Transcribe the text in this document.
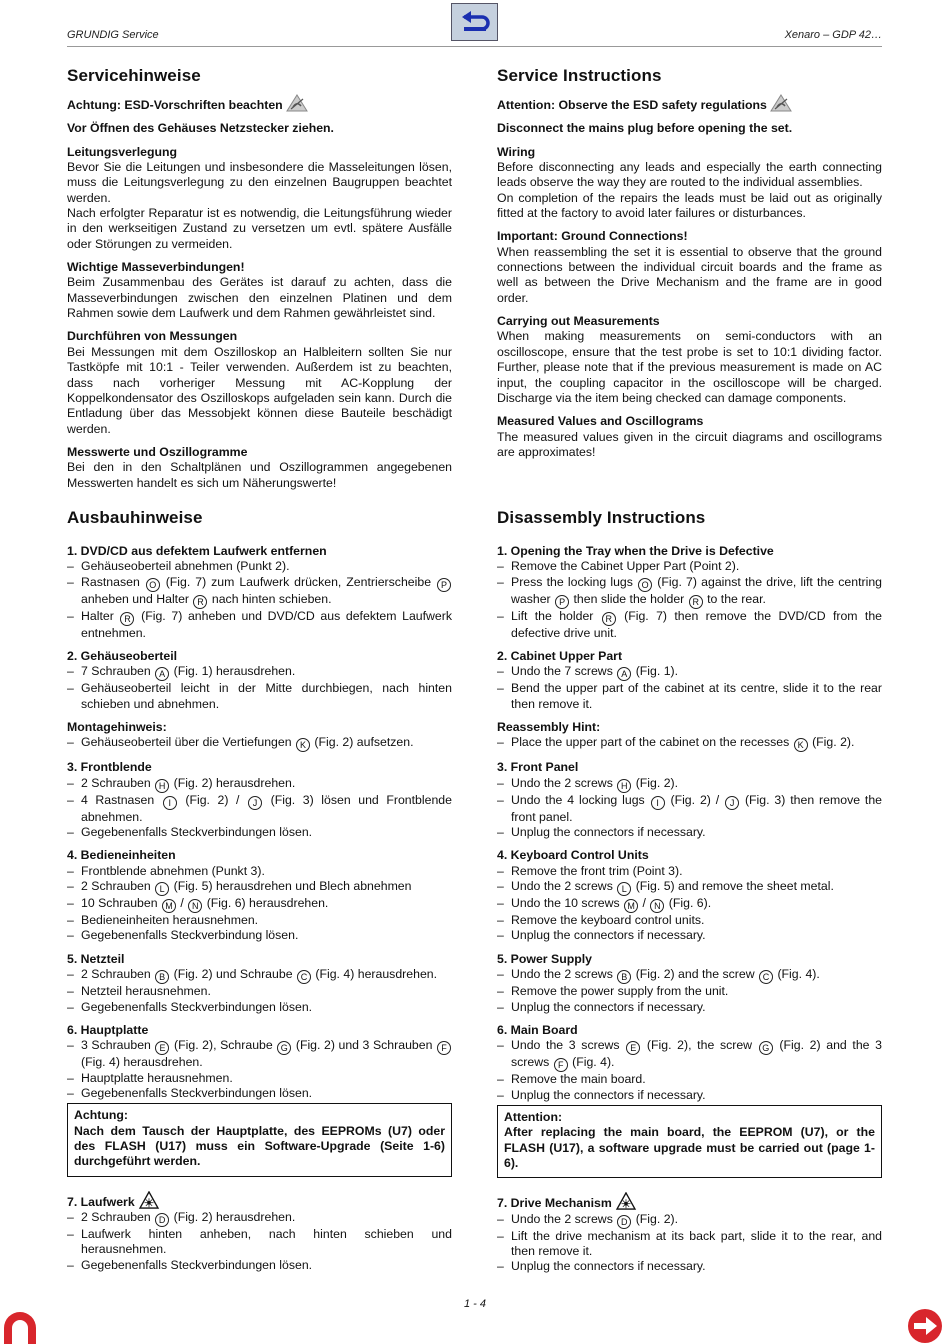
GRUNDIG Service	Xenaro – GDP 42…
Servicehinweise
Achtung: ESD-Vorschriften beachten
Vor Öffnen des Gehäuses Netzstecker ziehen.
Leitungsverlegung
Bevor Sie die Leitungen und insbesondere die Masseleitungen lösen, muss die Leitungsverlegung zu den einzelnen Baugruppen beachtet werden.
Nach erfolgter Reparatur ist es notwendig, die Leitungsführung wieder in den werkseitigen Zustand zu versetzen um evtl. spätere Ausfälle oder Störungen zu vermeiden.
Wichtige Masseverbindungen!
Beim Zusammenbau des Gerätes ist darauf zu achten, dass die Masseverbindungen zwischen den einzelnen Platinen und dem Rahmen sowie dem Laufwerk und dem Rahmen gewährleistet sind.
Durchführen von Messungen
Bei Messungen mit dem Oszilloskop an Halbleitern sollten Sie nur Tastköpfe mit 10:1 - Teiler verwenden. Außerdem ist zu beachten, dass nach vorheriger Messung mit AC-Kopplung der Koppelkondensator des Oszilloskops aufgeladen sein kann. Durch die Entladung über das Messobjekt können diese Bauteile beschädigt werden.
Messwerte und Oszillogramme
Bei den in den Schaltplänen und Oszillogrammen angegebenen Messwerten handelt es sich um Näherungswerte!
Service Instructions
Attention: Observe the ESD safety regulations
Disconnect the mains plug before opening the set.
Wiring
Before disconnecting any leads and especially the earth connecting leads observe the way they are routed to the individual assemblies.
On completion of the repairs the leads must be laid out as originally fitted at the factory to avoid later failures or disturbances.
Important: Ground Connections!
When reassembling the set it is essential to observe that the ground connections between the individual circuit boards and the frame as well as between the Drive Mechanism and the frame are in good order.
Carrying out Measurements
When making measurements on semi-conductors with an oscilloscope, ensure that the test probe is set to 10:1 dividing factor. Further, please note that if the previous measurement is made on AC input, the coupling capacitor in the oscilloscope will be charged. Discharge via the item being checked can damage components.
Measured Values and Oscillograms
The measured values given in the circuit diagrams and oscillograms are approximates!
Ausbauhinweise
1. DVD/CD aus defektem Laufwerk entfernen
– Gehäuseoberteil abnehmen (Punkt 2).
– Rastnasen O (Fig. 7) zum Laufwerk drücken, Zentrierscheibe P anheben und Halter R nach hinten schieben.
– Halter R (Fig. 7) anheben und DVD/CD aus defektem Laufwerk entnehmen.
2. Gehäuseoberteil
– 7 Schrauben A (Fig. 1) herausdrehen.
– Gehäuseoberteil leicht in der Mitte durchbiegen, nach hinten schieben und abnehmen.
Montagehinweis:
– Gehäuseoberteil über die Vertiefungen K (Fig. 2) aufsetzen.
3. Frontblende
– 2 Schrauben H (Fig. 2) herausdrehen.
– 4 Rastnasen I (Fig. 2) / J (Fig. 3) lösen und Frontblende abnehmen.
– Gegebenenfalls Steckverbindungen lösen.
4. Bedieneinheiten
– Frontblende abnehmen (Punkt 3).
– 2 Schrauben L (Fig. 5) herausdrehen und Blech abnehmen
– 10 Schrauben M / N (Fig. 6) herausdrehen.
– Bedieneinheiten herausnehmen.
– Gegebenenfalls Steckverbindung lösen.
5. Netzteil
– 2 Schrauben B (Fig. 2) und Schraube C (Fig. 4) herausdrehen.
– Netzteil herausnehmen.
– Gegebenenfalls Steckverbindungen lösen.
6. Hauptplatte
– 3 Schrauben E (Fig. 2), Schraube G (Fig. 2) und 3 Schrauben F (Fig. 4) herausdrehen.
– Hauptplatte herausnehmen.
– Gegebenenfalls Steckverbindungen lösen.
Achtung:
Nach dem Tausch der Hauptplatte, des EEPROMs (U7) oder des FLASH (U17) muss ein Software-Upgrade (Seite 1-6) durchgeführt werden.
7. Laufwerk
– 2 Schrauben D (Fig. 2) herausdrehen.
– Laufwerk hinten anheben, nach hinten schieben und herausnehmen.
– Gegebenenfalls Steckverbindungen lösen.
Disassembly Instructions
1. Opening the Tray when the Drive is Defective
– Remove the Cabinet Upper Part (Point 2).
– Press the locking lugs O (Fig. 7) against the drive, lift the centring washer P then slide the holder R to the rear.
– Lift the holder R (Fig. 7) then remove the DVD/CD from the defective drive unit.
2. Cabinet Upper Part
– Undo the 7 screws A (Fig. 1).
– Bend the upper part of the cabinet at its centre, slide it to the rear then remove it.
Reassembly Hint:
– Place the upper part of the cabinet on the recesses K (Fig. 2).
3. Front Panel
– Undo the 2 screws H (Fig. 2).
– Undo the 4 locking lugs I (Fig. 2) / J (Fig. 3) then remove the front panel.
– Unplug the connectors if necessary.
4. Keyboard Control Units
– Remove the front trim (Point 3).
– Undo the 2 screws L (Fig. 5) and remove the sheet metal.
– Undo the 10 screws M / N (Fig. 6).
– Remove the keyboard control units.
– Unplug the connectors if necessary.
5. Power Supply
– Undo the 2 screws B (Fig. 2) and the screw C (Fig. 4).
– Remove the power supply from the unit.
– Unplug the connectors if necessary.
6. Main Board
– Undo the 3 screws E (Fig. 2), the screw G (Fig. 2) and the 3 screws F (Fig. 4).
– Remove the main board.
– Unplug the connectors if necessary.
Attention:
After replacing the main board, the EEPROM (U7), or the FLASH (U17), a software upgrade must be carried out (page 1-6).
7. Drive Mechanism
– Undo the 2 screws D (Fig. 2).
– Lift the drive mechanism at its back part, slide it to the rear, and then remove it.
– Unplug the connectors if necessary.
1 - 4
